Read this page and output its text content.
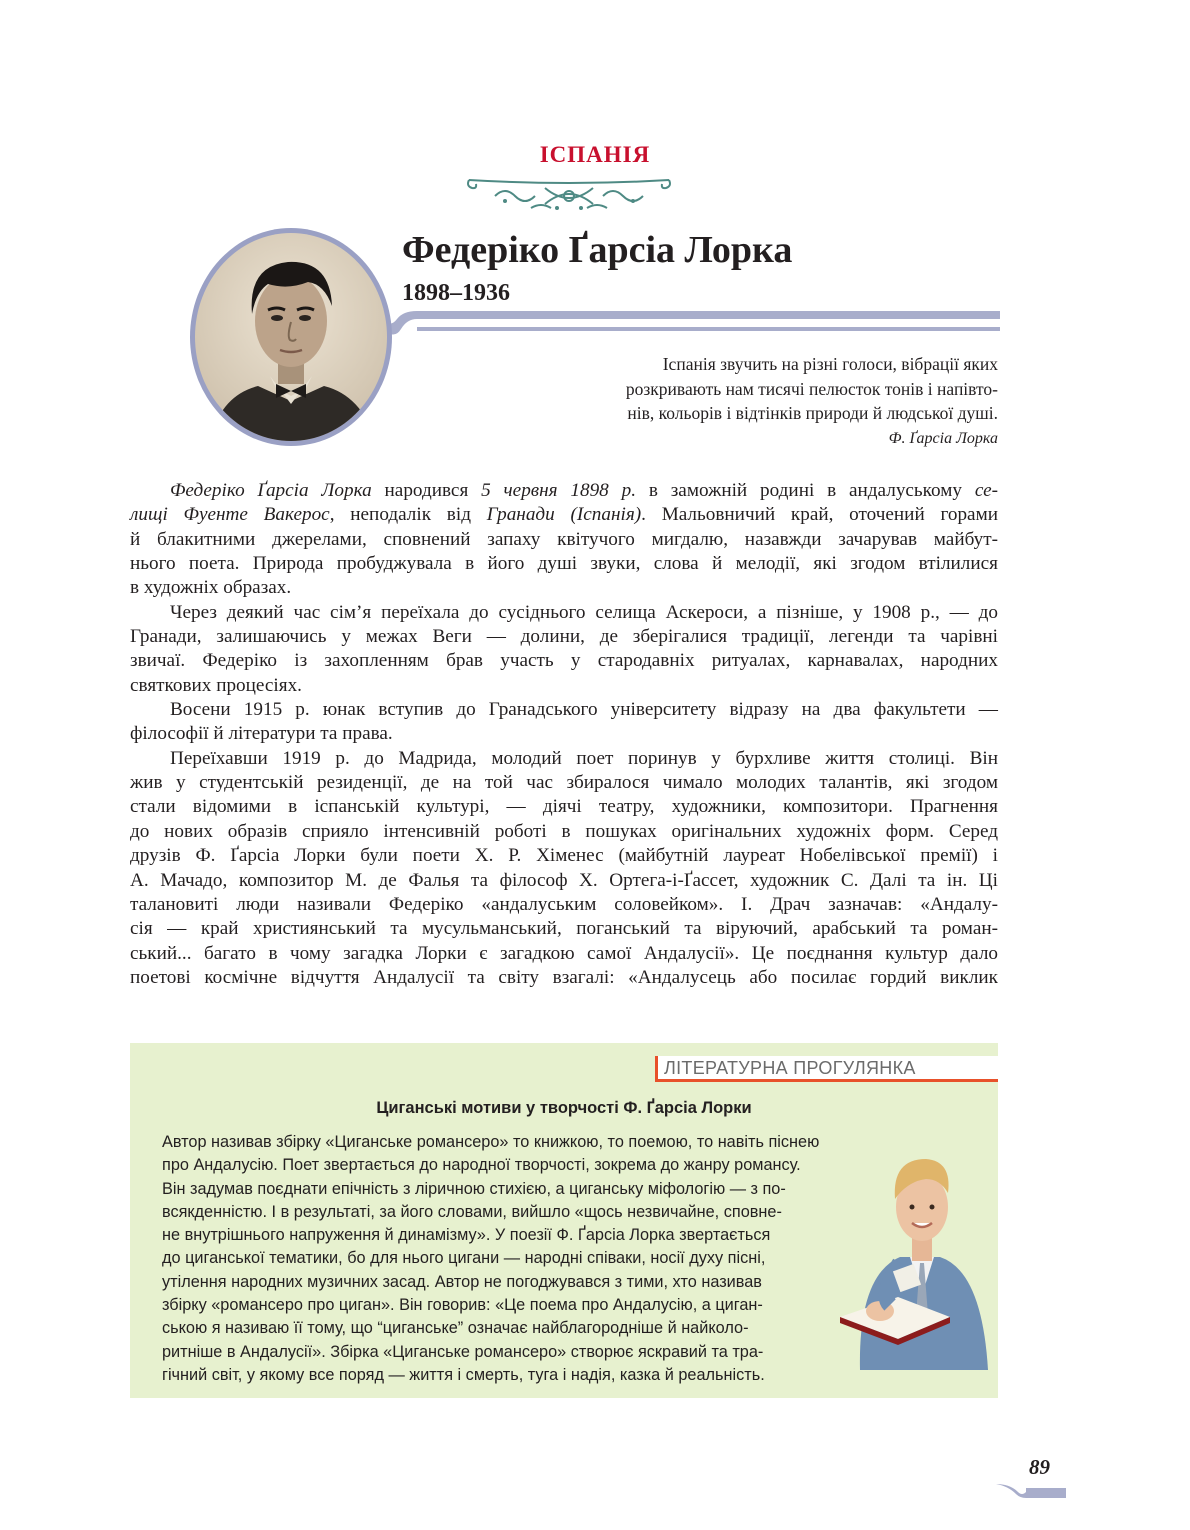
ІСПАНІЯ
Федеріко Ґарсіа Лорка
1898–1936
Іспанія звучить на різні голоси, вібрації яких
розкривають нам тисячі пелюсток тонів і напівто-
нів, кольорів і відтінків природи й людської душі.
Ф. Ґарсіа Лорка
Федеріко Ґарсіа Лорка народився 5 червня 1898 р. в заможній родині в андалуському се-
лищі Фуенте Вакерос, неподалік від Гранади (Іспанія). Мальовничий край, оточений горами
й блакитними джерелами, сповнений запаху квітучого мигдалю, назавжди зачарував майбут-
нього поета. Природа пробуджувала в його душі звуки, слова й мелодії, які згодом втілилися
в художніх образах.
Через деякий час сім’я переїхала до сусіднього селища Аскероси, а пізніше, у 1908 р., — до
Гранади, залишаючись у межах Веги — долини, де зберігалися традиції, легенди та чарівні
звичаї. Федеріко із захопленням брав участь у стародавніх ритуалах, карнавалах, народних
святкових процесіях.
Восени 1915 р. юнак вступив до Гранадського університету відразу на два факультети —
філософії й літератури та права.
Переїхавши 1919 р. до Мадрида, молодий поет поринув у бурхливе життя столиці. Він
жив у студентській резиденції, де на той час збиралося чимало молодих талантів, які згодом
стали відомими в іспанській культурі, — діячі театру, художники, композитори. Прагнення
до нових образів сприяло інтенсивній роботі в пошуках оригінальних художніх форм. Серед
друзів Ф. Ґарсіа Лорки були поети Х. Р. Хіменес (майбутній лауреат Нобелівської премії) і
А. Мачадо, композитор М. де Фалья та філософ Х. Ортега-і-Ґассет, художник С. Далі та ін. Ці
талановиті люди називали Федеріко «андалуським соловейком». І. Драч зазначав: «Андалу-
сія — край християнський та мусульманський, поганський та віруючий, арабський та роман-
ський... багато в чому загадка Лорки є загадкою самої Андалусії». Це поєднання культур дало
поетові космічне відчуття Андалусії та світу взагалі: «Андалусець або посилає гордий виклик
ЛІТЕРАТУРНА ПРОГУЛЯНКА
Циганські мотиви у творчості Ф. Ґарсіа Лорки
Автор називав збірку «Циганське романсеро» то книжкою, то поемою, то навіть піснею
про Андалусію. Поет звертається до народної творчості, зокрема до жанру романсу.
Він задумав поєднати епічність з ліричною стихією, а циганську міфологію — з по-
всякденністю. І в результаті, за його словами, вийшло «щось незвичайне, сповне-
не внутрішнього напруження й динамізму». У поезії Ф. Ґарсіа Лорка звертається
до циганської тематики, бо для нього цигани — народні співаки, носії духу пісні,
утілення народних музичних засад. Автор не погоджувався з тими, хто називав
збірку «романсеро про циган». Він говорив: «Це поема про Андалусію, а циган-
ською я називаю її тому, що “циганське” означає найблагородніше й найколо-
ритніше в Андалусії». Збірка «Циганське романсеро» створює яскравий та тра-
гічний світ, у якому все поряд — життя і смерть, туга і надія, казка й реальність.
89
